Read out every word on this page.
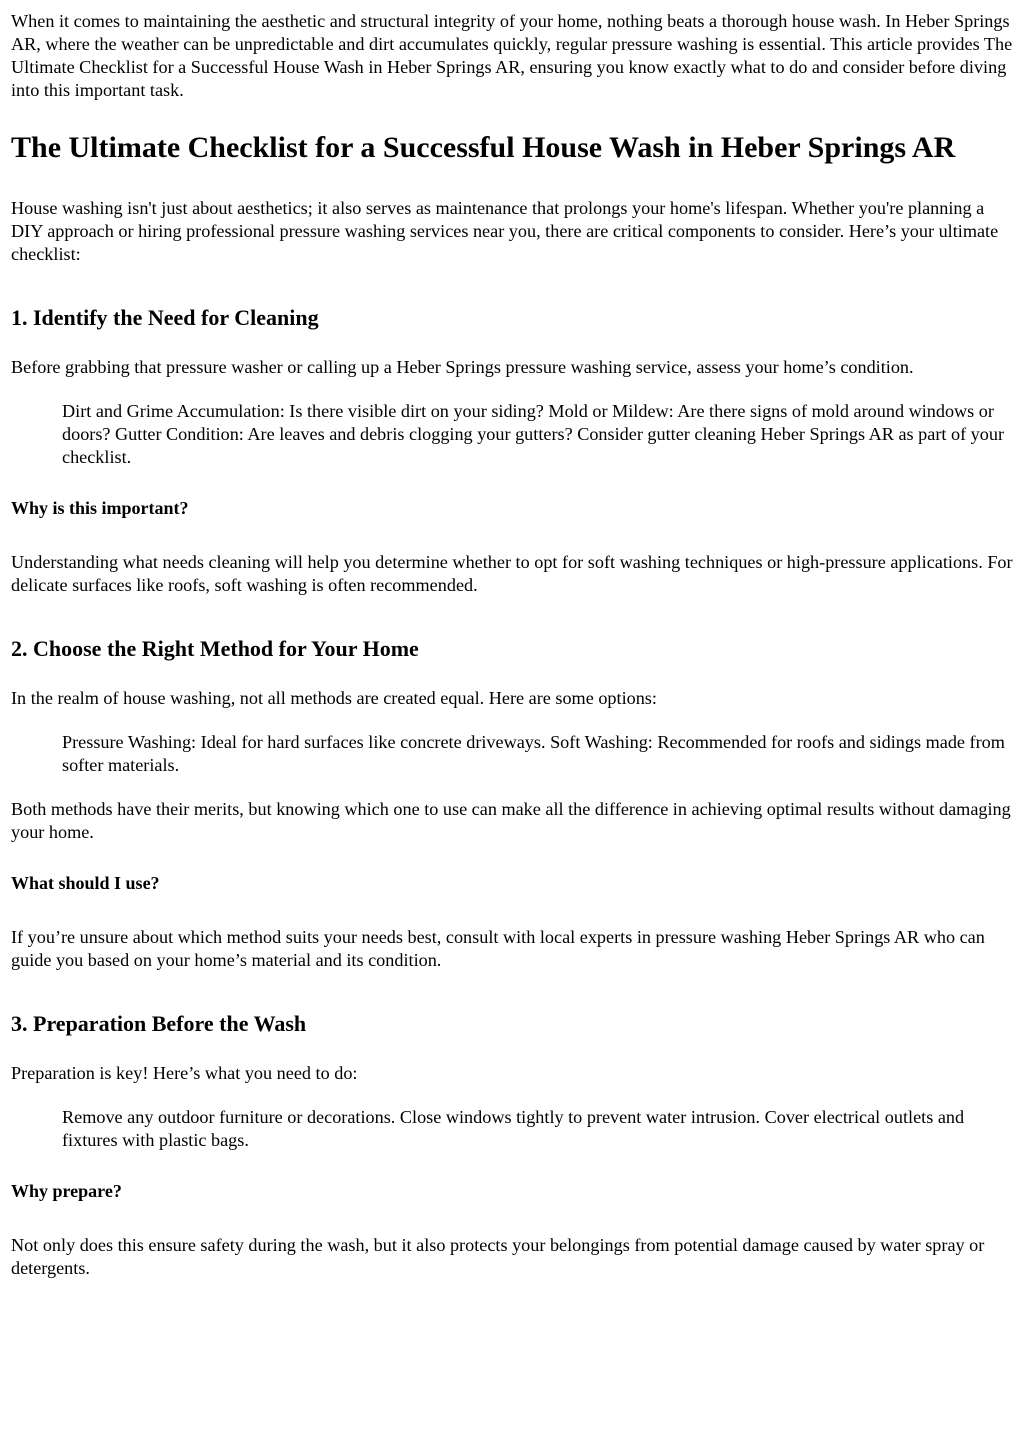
When it comes to maintaining the aesthetic and structural integrity of your home, nothing beats a thorough house wash. In Heber Springs AR, where the weather can be unpredictable and dirt accumulates quickly, regular pressure washing is essential. This article provides The Ultimate Checklist for a Successful House Wash in Heber Springs AR, ensuring you know exactly what to do and consider before diving into this important task.

The Ultimate Checklist for a Successful House Wash in Heber Springs AR

House washing isn't just about aesthetics; it also serves as maintenance that prolongs your home's lifespan. Whether you're planning a DIY approach or hiring professional pressure washing services near you, there are critical components to consider. Here’s your ultimate checklist:

1. Identify the Need for Cleaning

Before grabbing that pressure washer or calling up a Heber Springs pressure washing service, assess your home’s condition.

Dirt and Grime Accumulation: Is there visible dirt on your siding? Mold or Mildew: Are there signs of mold around windows or doors? Gutter Condition: Are leaves and debris clogging your gutters? Consider gutter cleaning Heber Springs AR as part of your checklist.
Why is this important?

Understanding what needs cleaning will help you determine whether to opt for soft washing techniques or high-pressure applications. For delicate surfaces like roofs, soft washing is often recommended.

2. Choose the Right Method for Your Home

In the realm of house washing, not all methods are created equal. Here are some options:

Pressure Washing: Ideal for hard surfaces like concrete driveways. Soft Washing: Recommended for roofs and sidings made from softer materials.

Both methods have their merits, but knowing which one to use can make all the difference in achieving optimal results without damaging your home.

What should I use?

If you’re unsure about which method suits your needs best, consult with local experts in pressure washing Heber Springs AR who can guide you based on your home’s material and its condition.

3. Preparation Before the Wash

Preparation is key! Here’s what you need to do:

Remove any outdoor furniture or decorations. Close windows tightly to prevent water intrusion. Cover electrical outlets and fixtures with plastic bags.
Why prepare?

Not only does this ensure safety during the wash, but it also protects your belongings from potential damage caused by water spray or detergents.
